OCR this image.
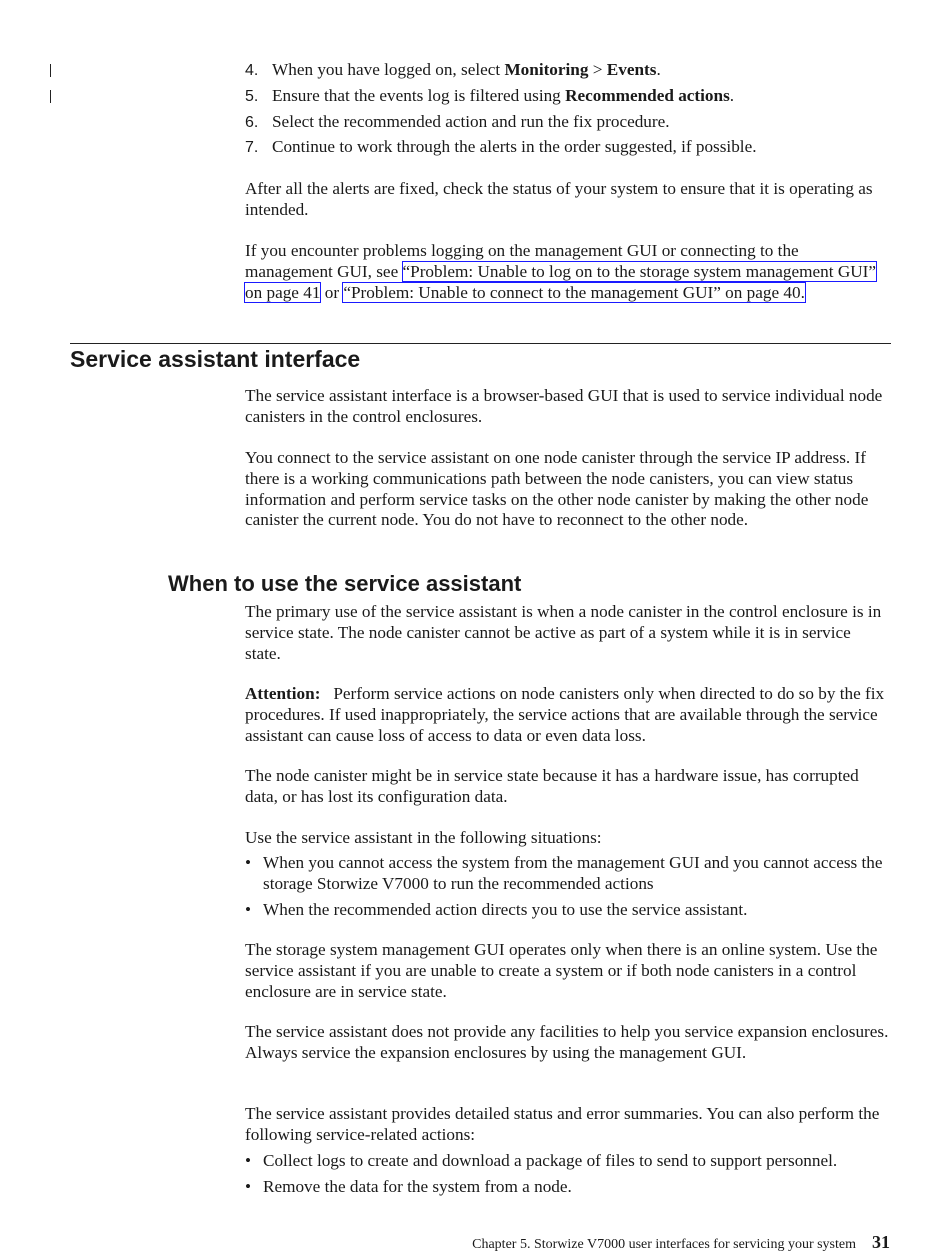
4. When you have logged on, select Monitoring > Events.
5. Ensure that the events log is filtered using Recommended actions.
6. Select the recommended action and run the fix procedure.
7. Continue to work through the alerts in the order suggested, if possible.

After all the alerts are fixed, check the status of your system to ensure that it is operating as intended.

If you encounter problems logging on the management GUI or connecting to the management GUI, see “Problem: Unable to log on to the storage system management GUI” on page 41 or “Problem: Unable to connect to the management GUI” on page 40.

Service assistant interface

The service assistant interface is a browser-based GUI that is used to service individual node canisters in the control enclosures.

You connect to the service assistant on one node canister through the service IP address. If there is a working communications path between the node canisters, you can view status information and perform service tasks on the other node canister by making the other node canister the current node. You do not have to reconnect to the other node.

When to use the service assistant

The primary use of the service assistant is when a node canister in the control enclosure is in service state. The node canister cannot be active as part of a system while it is in service state.

Attention: Perform service actions on node canisters only when directed to do so by the fix procedures. If used inappropriately, the service actions that are available through the service assistant can cause loss of access to data or even data loss.

The node canister might be in service state because it has a hardware issue, has corrupted data, or has lost its configuration data.

Use the service assistant in the following situations:

• When you cannot access the system from the management GUI and you cannot access the storage Storwize V7000 to run the recommended actions
• When the recommended action directs you to use the service assistant.

The storage system management GUI operates only when there is an online system. Use the service assistant if you are unable to create a system or if both node canisters in a control enclosure are in service state.

The service assistant does not provide any facilities to help you service expansion enclosures. Always service the expansion enclosures by using the management GUI.

The service assistant provides detailed status and error summaries. You can also perform the following service-related actions:

• Collect logs to create and download a package of files to send to support personnel.
• Remove the data for the system from a node.
Chapter 5. Storwize V7000 user interfaces for servicing your system 31
